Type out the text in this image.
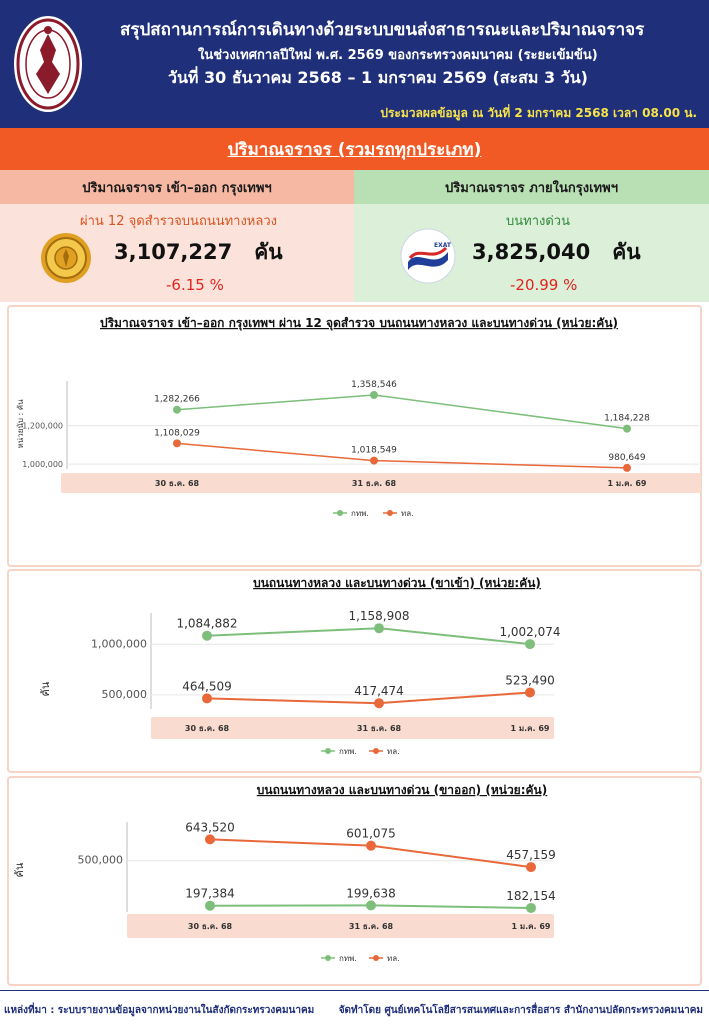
สรุปสถานการณ์การเดินทางด้วยระบบขนส่งสาธารณะและปริมาณจราจร
ในช่วงเทศกาลปีใหม่ พ.ศ. 2569 ของกระทรวงคมนาคม (ระยะเข้มข้น)
วันที่ 30 ธันวาคม 2568 – 1 มกราคม 2569 (สะสม 3 วัน)
ประมวลผลข้อมูล ณ วันที่ 2 มกราคม 2568 เวลา 08.00 น.
ปริมาณจราจร (รวมรถทุกประเภท)
ปริมาณจราจร เข้า–ออก กรุงเทพฯ
ผ่าน 12 จุดสำรวจบนถนนทางหลวง
3,107,227 คัน
-6.15 %
ปริมาณจราจร ภายในกรุงเทพฯ
บนทางด่วน
EXAT 3,825,040 คัน
-20.99 %
ปริมาณจราจร เข้า–ออก กรุงเทพฯ ผ่าน 12 จุดสำรวจ บนถนนทางหลวง และบนทางด่วน (หน่วย:คัน)
หน่วยนับ : คัน
1,000,000
1,200,000
30 ธ.ค. 68	31 ธ.ค. 68	1 ม.ค. 69
1,282,266
1,358,546
1,184,228
กทพ.
1,108,029
1,018,549
980,649
ทล.
บนถนนทางหลวง และบนทางด่วน (ขาเข้า) (หน่วย:คัน)
คัน	500,000
1,000,000
30 ธ.ค. 68	31 ธ.ค. 68	1 ม.ค. 69
1,084,882
1,158,908
1,002,074
กทพ.
464,509	417,474
523,490
ทล.
บนถนนทางหลวง และบนทางด่วน (ขาออก) (หน่วย:คัน)
คัน
500,000
30 ธ.ค. 68	31 ธ.ค. 68	1 ม.ค. 69
197,384	199,638	182,154
กทพ.
643,520	601,075
457,159
ทล.
แหล่งที่มา : ระบบรายงานข้อมูลจากหน่วยงานในสังกัดกระทรวงคมนาคม จัดทำโดย ศูนย์เทคโนโลยีสารสนเทศและการสื่อสาร สำนักงานปลัดกระทรวงคมนาคม
